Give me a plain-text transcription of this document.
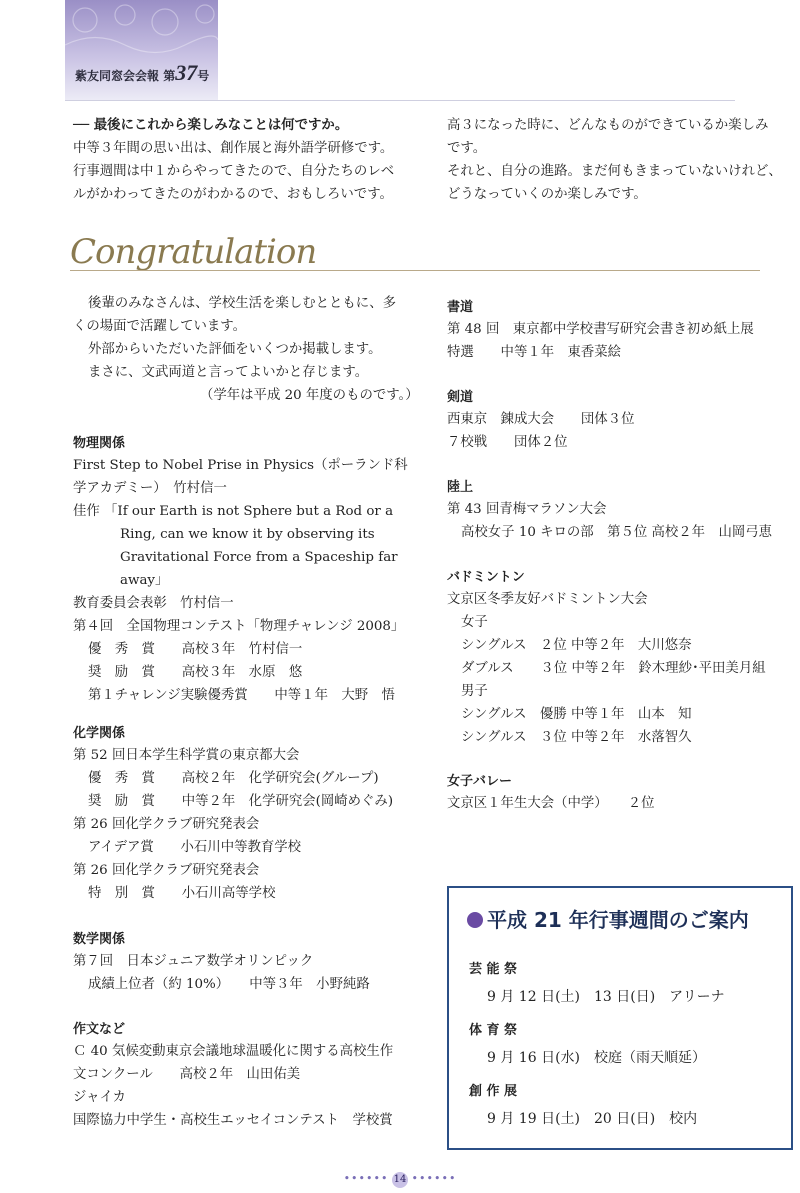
紫友同窓会会報 第37号

── 最後にこれから楽しみなことは何ですか。

中等３年間の思い出は、創作展と海外語学研修です。

行事週間は中１からやってきたので、自分たちのレベ

ルがかわってきたのがわかるので、おもしろいです。

高３になった時に、どんなものができているか楽しみ

です。

それと、自分の進路。まだ何もきまっていないけれど、

どうなっていくのか楽しみです。

Congratulation

後輩のみなさんは、学校生活を楽しむとともに、多

くの場面で活躍しています。

外部からいただいた評価をいくつか掲載します。

まさに、文武両道と言ってよいかと存じます。

（学年は平成 20 年度のものです。）

物理関係

First Step to Nobel Prise in Physics（ポーランド科

学アカデミー）　竹村信一

佳作 「If our Earth is not Sphere but a Rod or a

Ring, can we know it by observing its

Gravitational Force from a Spaceship far

away」

教育委員会表彰　竹村信一

第４回　全国物理コンテスト「物理チャレンジ 2008」

優　秀　賞　　高校３年　竹村信一

奨　励　賞　　高校３年　水原　悠

第１チャレンジ実験優秀賞　　中等１年　大野　悟

化学関係

第 52 回日本学生科学賞の東京都大会

優　秀　賞　　高校２年　化学研究会(グループ)

奨　励　賞　　中等２年　化学研究会(岡崎めぐみ)

第 26 回化学クラブ研究発表会

アイデア賞　　小石川中等教育学校

第 26 回化学クラブ研究発表会

特　別　賞　　小石川高等学校

数学関係

第７回　日本ジュニア数学オリンピック

成績上位者（約 10%）　　中等３年　小野純路

作文など

Ｃ 40 気候変動東京会議地球温暖化に関する高校生作

文コンクール　　高校２年　山田佑美

ジャイカ

国際協力中学生・高校生エッセイコンテスト　学校賞

書道

第 48 回　東京都中学校書写研究会書き初め紙上展

特選　　中等１年　東香菜絵

剣道

西東京　錬成大会　　団体３位

７校戦　　団体２位

陸上

第 43 回青梅マラソン大会

高校女子 10 キロの部　第５位 高校２年　山岡弓恵

バドミントン

文京区冬季友好バドミントン大会

女子

シングルス　２位 中等２年　大川悠奈

ダブルス　　３位 中等２年　鈴木理紗･平田美月組

男子

シングルス　優勝 中等１年　山本　知

シングルス　３位 中等２年　水落智久

女子バレー

文京区１年生大会（中学）　　２位

平成 21 年行事週間のご案内
芸 能 祭
9 月 12 日(土)　13 日(日)　アリーナ
体 育 祭
9 月 16 日(水)　校庭（雨天順延）
創 作 展
9 月 19 日(土)　20 日(日)　校内
•••••• 14 ••••••
